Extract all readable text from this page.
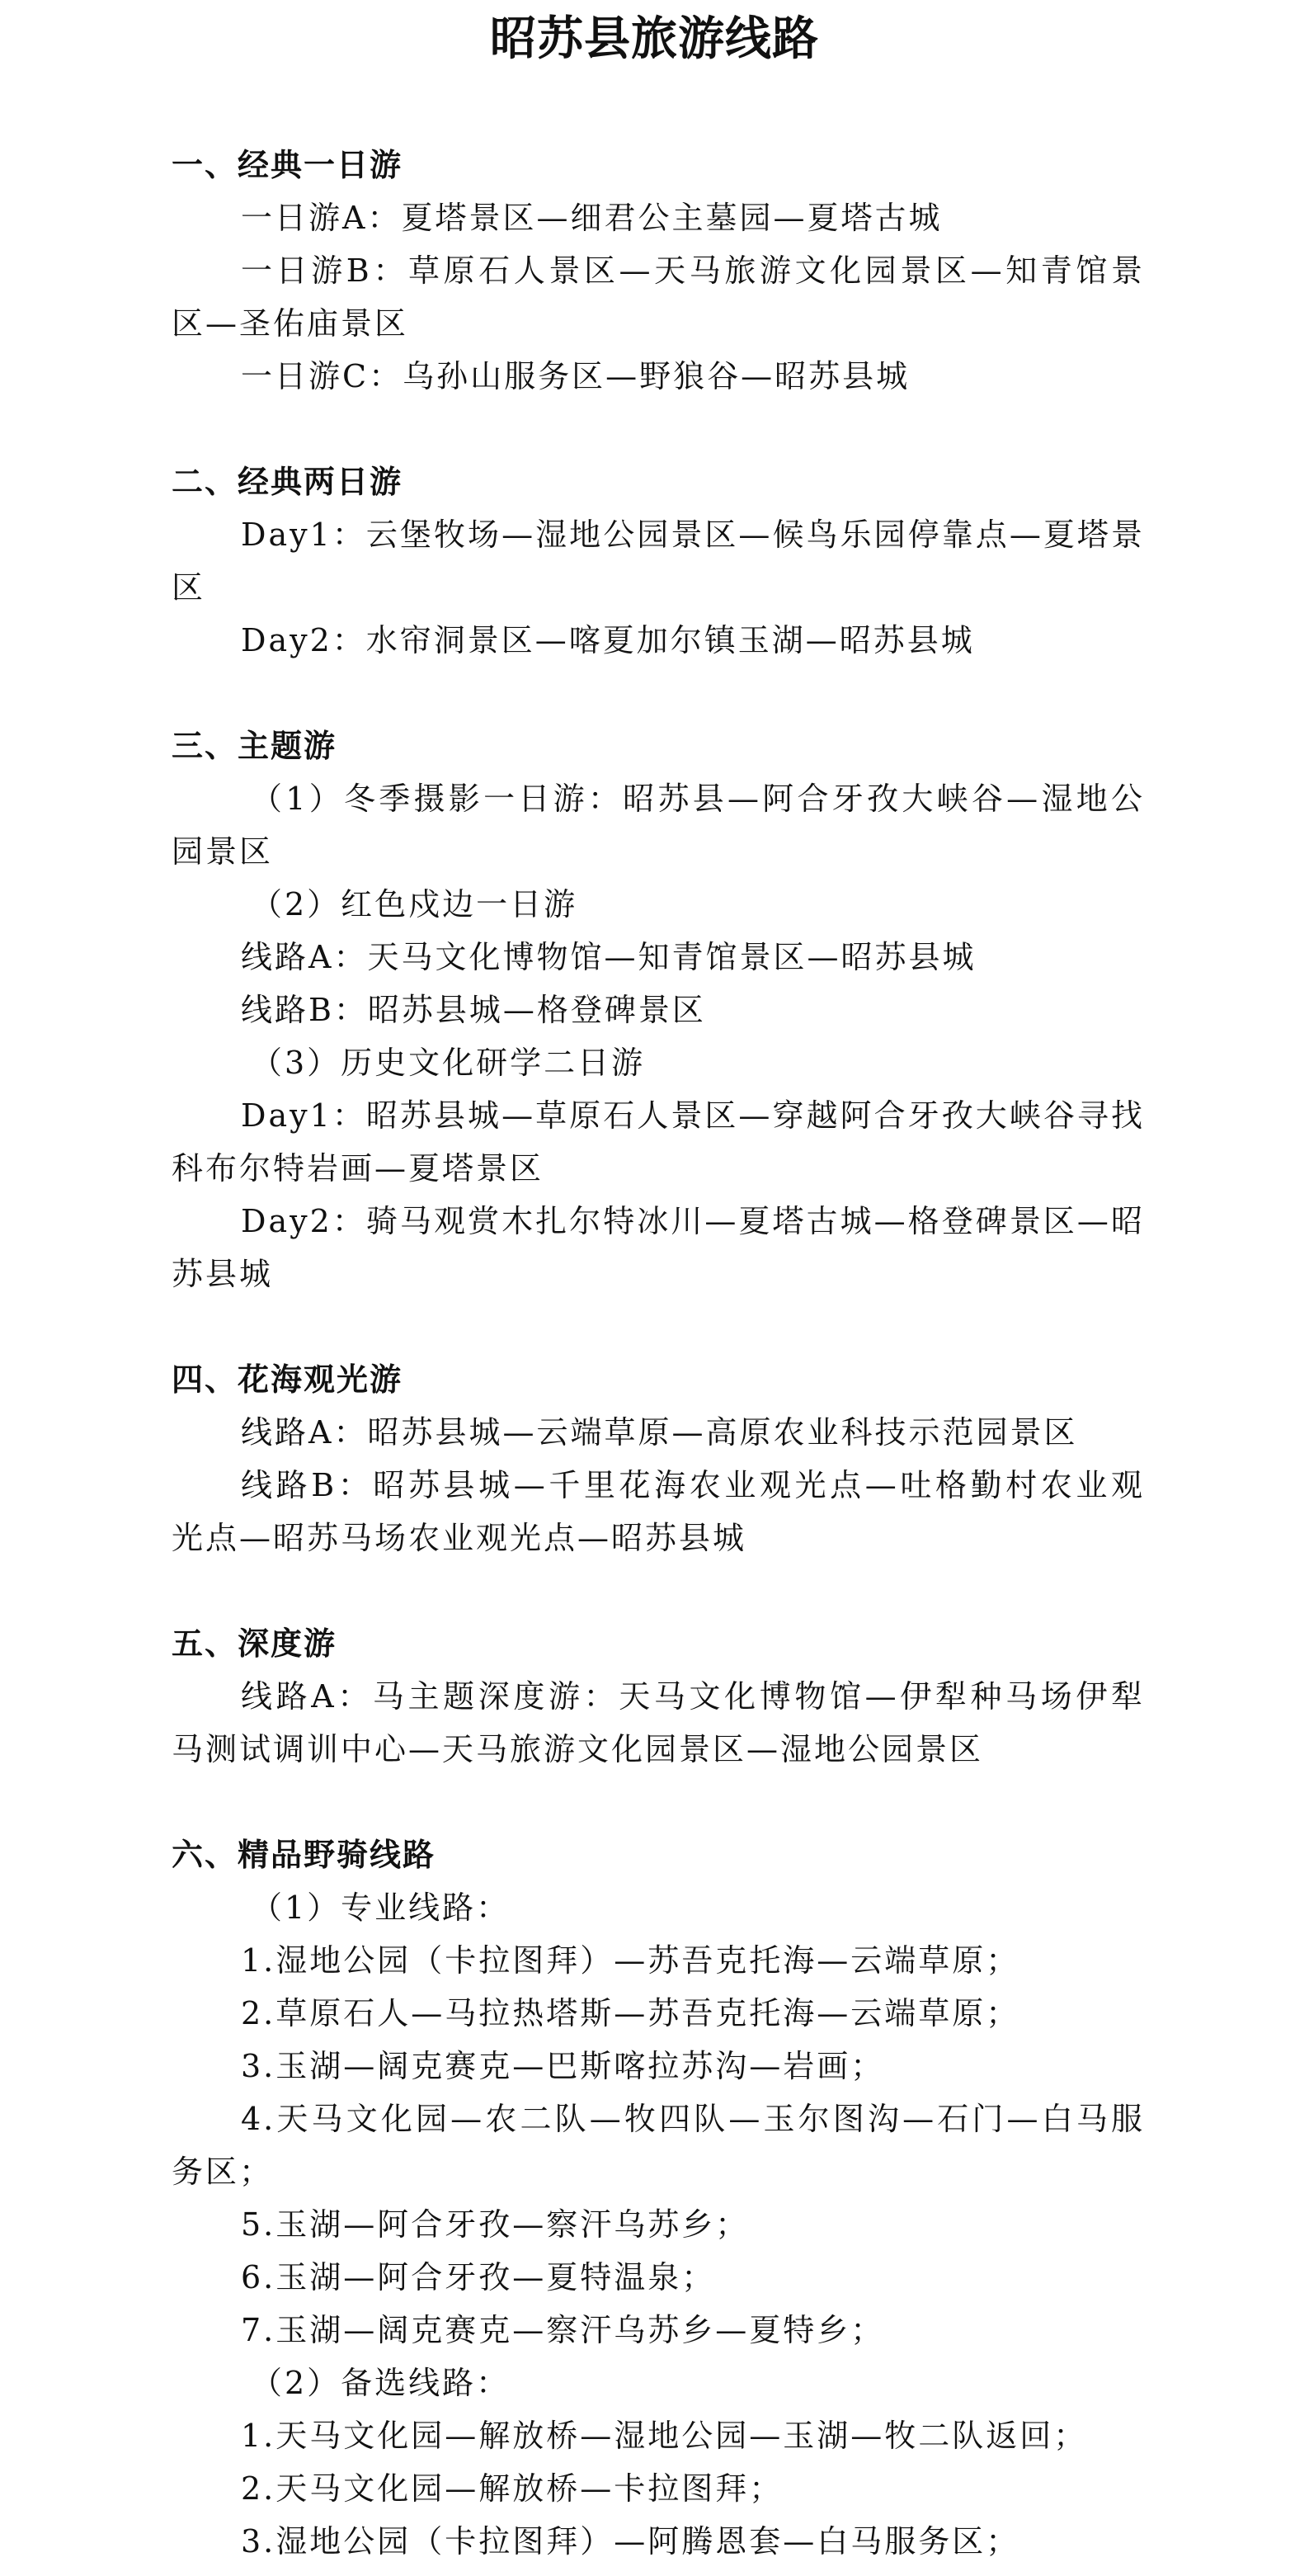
昭苏县旅游线路
一、经典一日游

一日游A：夏塔景区—细君公主墓园—夏塔古城

一日游B：草原石人景区—天马旅游文化园景区—知青馆景区—圣佑庙景区

一日游C：乌孙山服务区—野狼谷—昭苏县城

二、经典两日游

Day1：云堡牧场—湿地公园景区—候鸟乐园停靠点—夏塔景区

Day2：水帘洞景区—喀夏加尔镇玉湖—昭苏县城

三、主题游

（1）冬季摄影一日游：昭苏县—阿合牙孜大峡谷—湿地公园景区

（2）红色戍边一日游

线路A：天马文化博物馆—知青馆景区—昭苏县城

线路B：昭苏县城—格登碑景区

（3）历史文化研学二日游

Day1：昭苏县城—草原石人景区—穿越阿合牙孜大峡谷寻找科布尔特岩画—夏塔景区

Day2：骑马观赏木扎尔特冰川—夏塔古城—格登碑景区—昭苏县城

四、花海观光游

线路A：昭苏县城—云端草原—高原农业科技示范园景区

线路B：昭苏县城—千里花海农业观光点—吐格勤村农业观光点—昭苏马场农业观光点—昭苏县城

五、深度游

线路A：马主题深度游：天马文化博物馆—伊犁种马场伊犁马测试调训中心—天马旅游文化园景区—湿地公园景区

六、精品野骑线路

（1）专业线路：

1.湿地公园（卡拉图拜）—苏吾克托海—云端草原；

2.草原石人—马拉热塔斯—苏吾克托海—云端草原；

3.玉湖—阔克赛克—巴斯喀拉苏沟—岩画；

4.天马文化园—农二队—牧四队—玉尔图沟—石门—白马服务区；

5.玉湖—阿合牙孜—察汗乌苏乡；

6.玉湖—阿合牙孜—夏特温泉；

7.玉湖—阔克赛克—察汗乌苏乡—夏特乡；

（2）备选线路：

1.天马文化园—解放桥—湿地公园—玉湖—牧二队返回；

2.天马文化园—解放桥—卡拉图拜；

3.湿地公园（卡拉图拜）—阿腾恩套—白马服务区；
